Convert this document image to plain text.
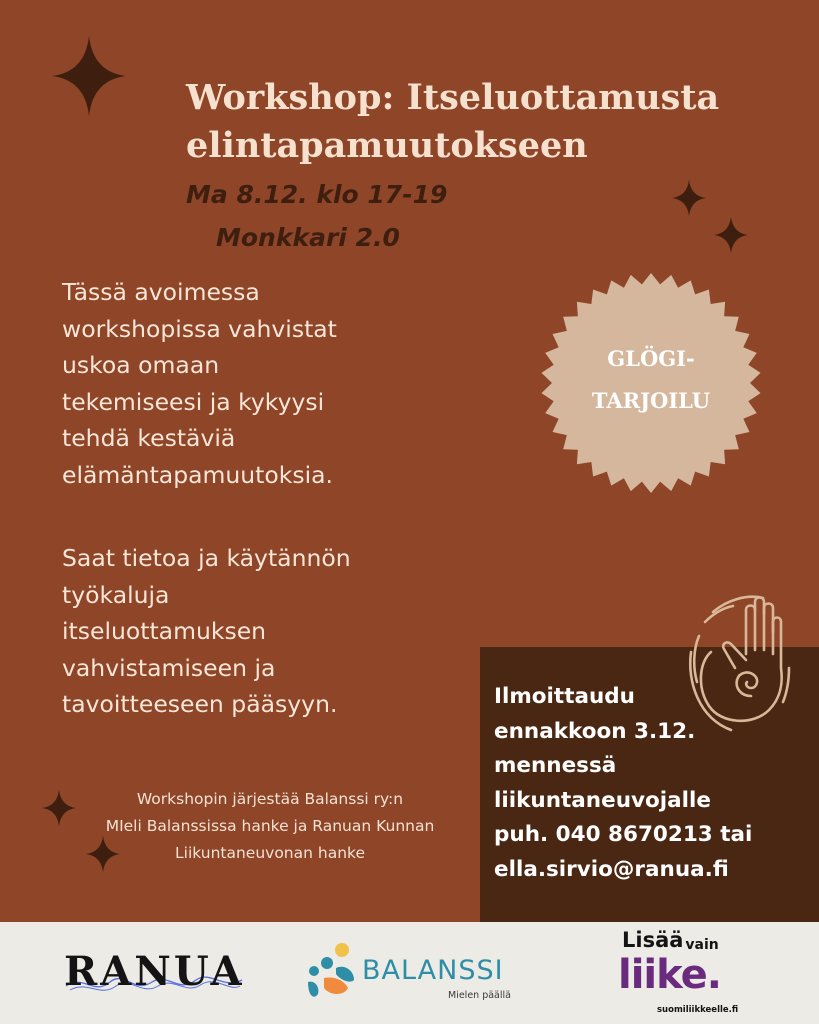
Workshop: Itseluottamusta
elintapamuutokseen
Ma 8.12. klo 17-19
Monkkari 2.0
Tässä avoimessa
workshopissa vahvistat
uskoa omaan
tekemiseesi ja kykyysi
tehdä kestäviä
elämäntapamuutoksia.
Saat tietoa ja käytännön
työkaluja
itseluottamuksen
vahvistamiseen ja
tavoitteeseen pääsyyn.
GLÖGI-
TARJOILU
Ilmoittaudu
ennakkoon 3.12.
mennessä
liikuntaneuvojalle
puh. 040 8670213 tai
ella.sirvio@ranua.fi
Workshopin järjestää Balanssi ry:n
MIeli Balanssissa hanke ja Ranuan Kunnan
Liikuntaneuvonan hanke
RANUA	BALANSSI
Mielen päällä
Lisää vain
liike.
suomiliikkeelle.fi
